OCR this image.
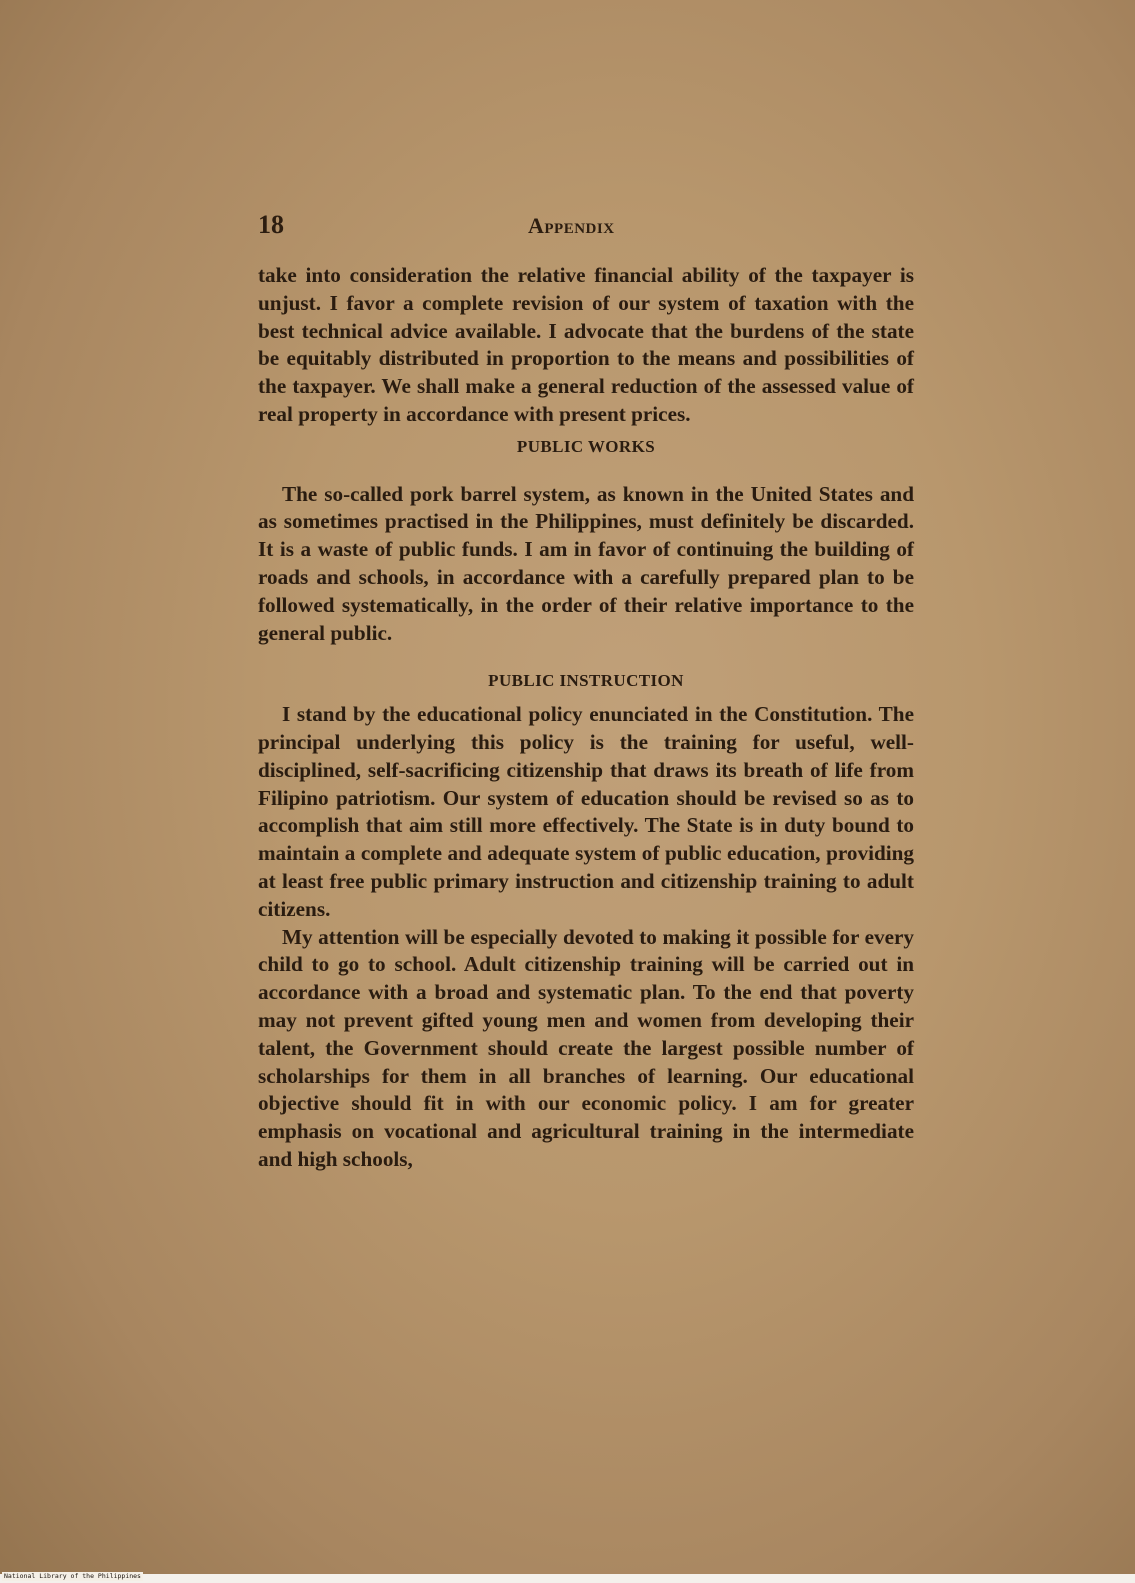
18	Appendix

take into consideration the relative financial ability of the taxpayer is unjust. I favor a complete revision of our system of taxation with the best technical advice available. I advocate that the burdens of the state be equitably distributed in proportion to the means and possibilities of the taxpayer. We shall make a general reduction of the assessed value of real property in accordance with present prices.

PUBLIC WORKS

The so-called pork barrel system, as known in the United States and as sometimes practised in the Philippines, must definitely be discarded. It is a waste of public funds. I am in favor of continuing the building of roads and schools, in accordance with a carefully prepared plan to be followed systematically, in the order of their relative importance to the general public.

PUBLIC INSTRUCTION

I stand by the educational policy enunciated in the Constitution. The principal underlying this policy is the training for useful, well-disciplined, self-sacrificing citizenship that draws its breath of life from Filipino patriotism. Our system of education should be revised so as to accomplish that aim still more effectively. The State is in duty bound to maintain a complete and adequate system of public education, providing at least free public primary instruction and citizenship training to adult citizens.

My attention will be especially devoted to making it possible for every child to go to school. Adult citizenship training will be carried out in accordance with a broad and systematic plan. To the end that poverty may not prevent gifted young men and women from developing their talent, the Government should create the largest possible number of scholarships for them in all branches of learning. Our educational objective should fit in with our economic policy. I am for greater emphasis on vocational and agricultural training in the intermediate and high schools,

National Library of the Philippines
